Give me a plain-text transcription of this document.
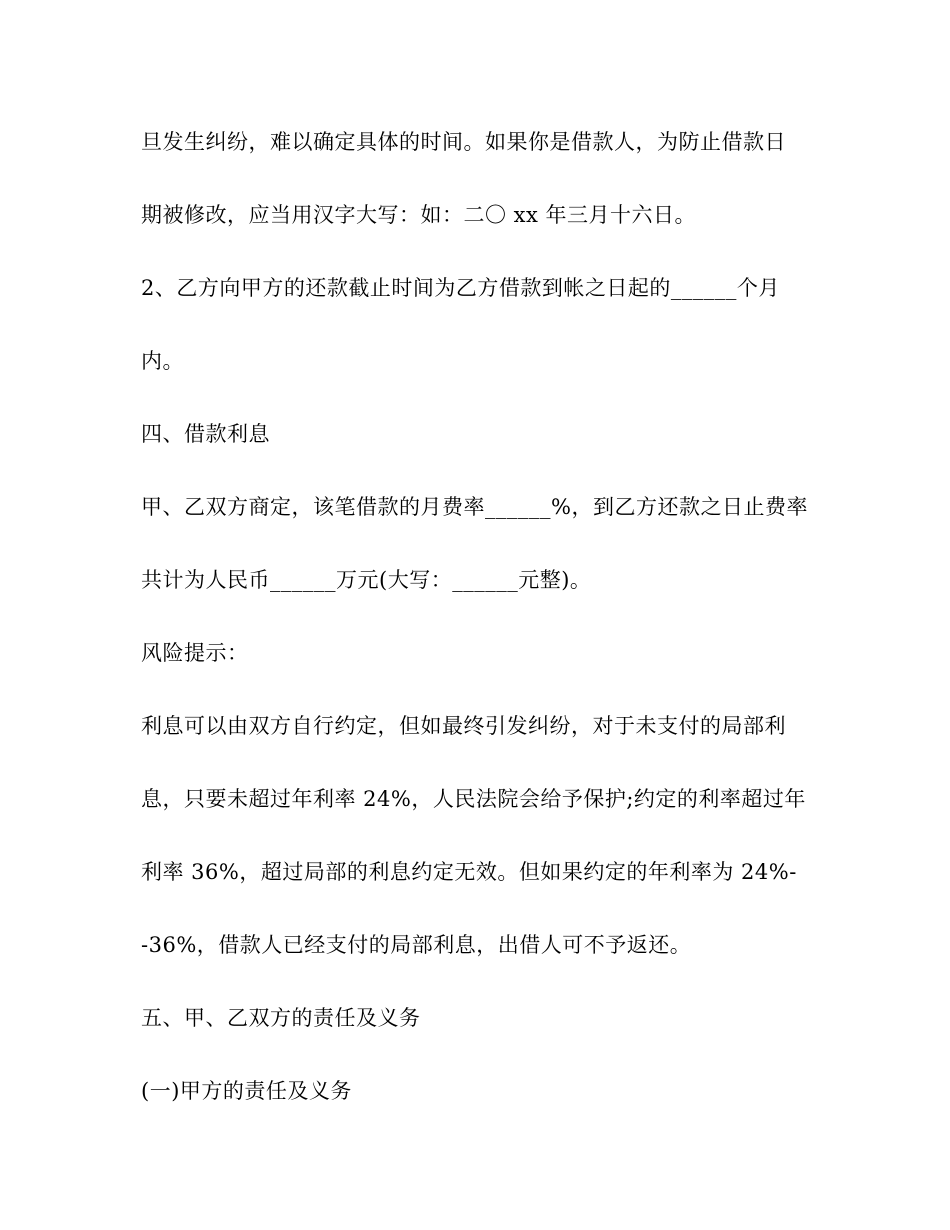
旦发生纠纷，难以确定具体的时间。如果你是借款人，为防止借款日
期被修改，应当用汉字大写：如：二〇 xx 年三月十六日。
2、乙方向甲方的还款截止时间为乙方借款到帐之日起的______个月
内。
四、借款利息
甲、乙双方商定，该笔借款的月费率______%，到乙方还款之日止费率
共计为人民币______万元(大写：______元整)。
风险提示：
利息可以由双方自行约定，但如最终引发纠纷，对于未支付的局部利
息，只要未超过年利率 24%，人民法院会给予保护;约定的利率超过年
利率 36%，超过局部的利息约定无效。但如果约定的年利率为 24%-
-36%，借款人已经支付的局部利息，出借人可不予返还。
五、甲、乙双方的责任及义务
(一)甲方的责任及义务
